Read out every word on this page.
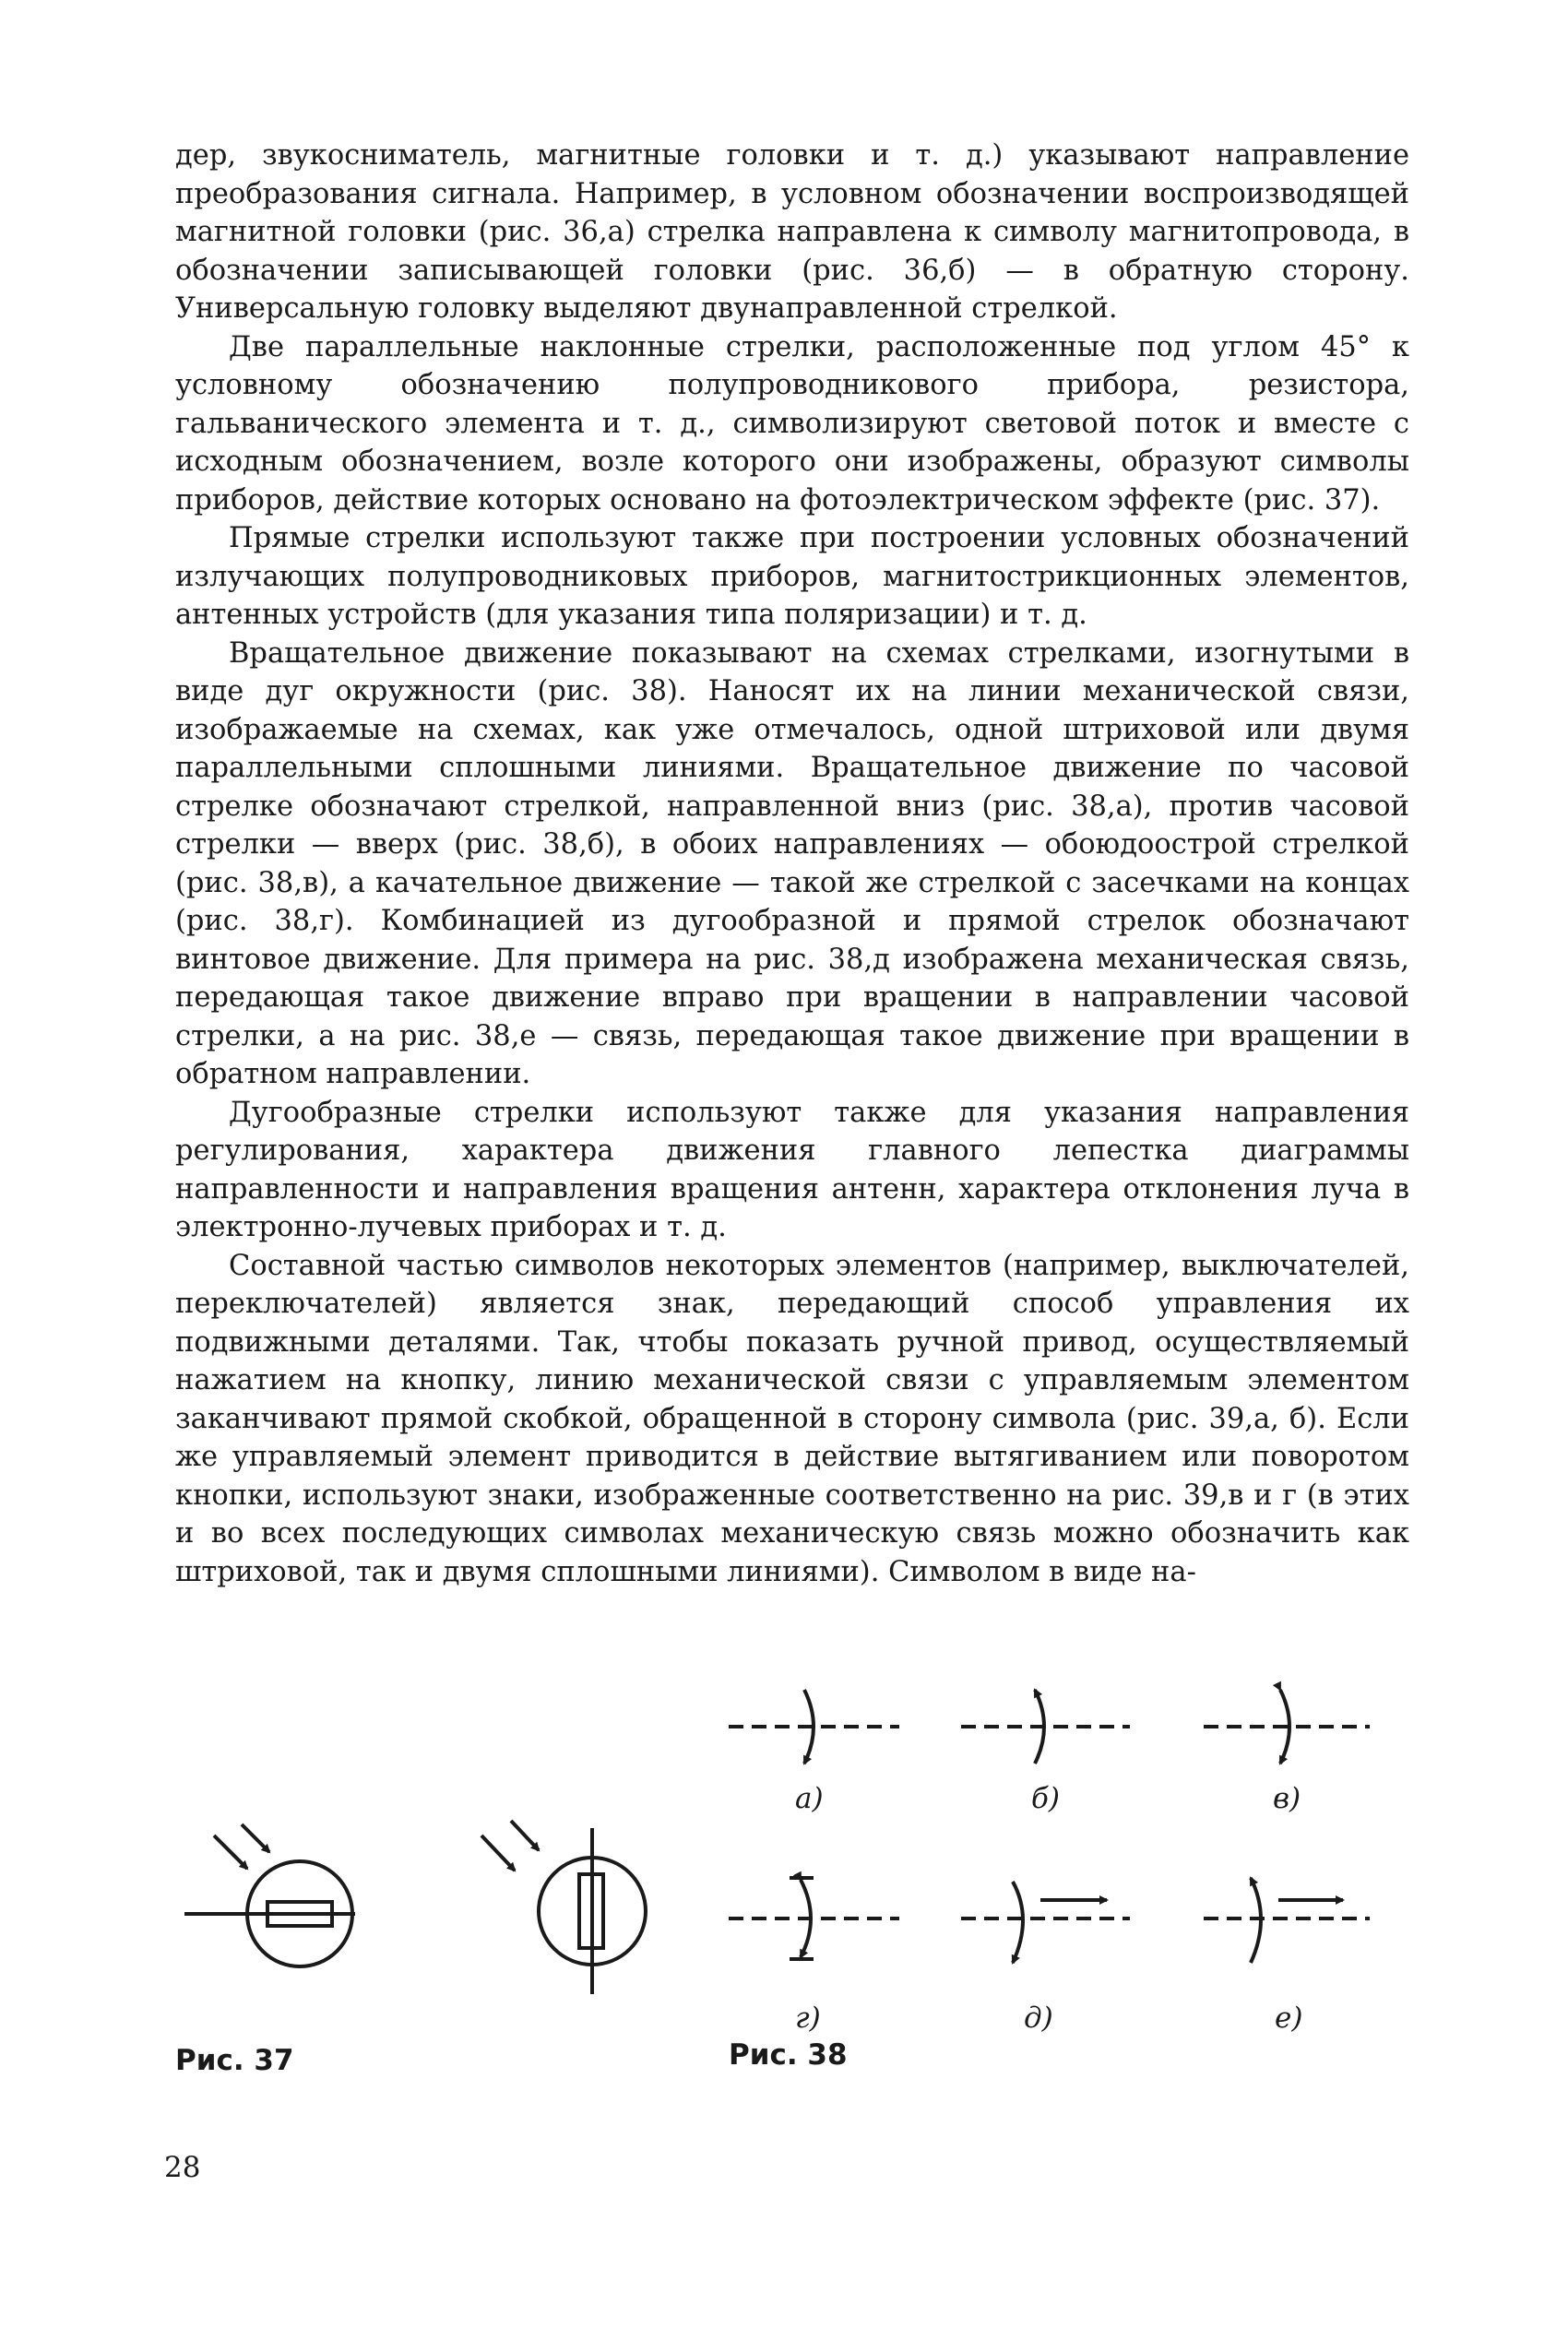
дер, звукосниматель, магнитные головки и т. д.) указывают направление преобразования сигнала. Например, в условном обозначении воспроизводящей магнитной головки (рис. 36,а) стрелка направлена к символу магнитопровода, в обозначении записывающей головки (рис. 36,б) — в обратную сторону. Универсальную головку выделяют двунаправленной стрелкой.

Две параллельные наклонные стрелки, расположенные под углом 45° к условному обозначению полупроводникового прибора, резистора, гальванического элемента и т. д., символизируют световой поток и вместе с исходным обозначением, возле которого они изображены, образуют символы приборов, действие которых основано на фотоэлектрическом эффекте (рис. 37).

Прямые стрелки используют также при построении условных обозначений излучающих полупроводниковых приборов, магнитострикционных элементов, антенных устройств (для указания типа поляризации) и т. д.

Вращательное движение показывают на схемах стрелками, изогнутыми в виде дуг окружности (рис. 38). Наносят их на линии механической связи, изображаемые на схемах, как уже отмечалось, одной штриховой или двумя параллельными сплошными линиями. Вращательное движение по часовой стрелке обозначают стрелкой, направленной вниз (рис. 38,а), против часовой стрелки — вверх (рис. 38,б), в обоих направлениях — обоюдоострой стрелкой (рис. 38,в), а качательное движение — такой же стрелкой с засечками на концах (рис. 38,г). Комбинацией из дугообразной и прямой стрелок обозначают винтовое движение. Для примера на рис. 38,д изображена механическая связь, передающая такое движение вправо при вращении в направлении часовой стрелки, а на рис. 38,е — связь, передающая такое движение при вращении в обратном направлении.

Дугообразные стрелки используют также для указания направления регулирования, характера движения главного лепестка диаграммы направленности и направления вращения антенн, характера отклонения луча в электронно-лучевых приборах и т. д.

Составной частью символов некоторых элементов (например, выключателей, переключателей) является знак, передающий способ управления их подвижными деталями. Так, чтобы показать ручной привод, осуществляемый нажатием на кнопку, линию механической связи с управляемым элементом заканчивают прямой скобкой, обращенной в сторону символа (рис. 39,а, б). Если же управляемый элемент приводится в действие вытягиванием или поворотом кнопки, используют знаки, изображенные соответственно на рис. 39,в и г (в этих и во всех последующих символах механическую связь можно обозначить как штриховой, так и двумя сплошными линиями). Символом в виде на-

а)	б)	в)
г)	д)	е)
Рис. 37	Рис. 38
28
